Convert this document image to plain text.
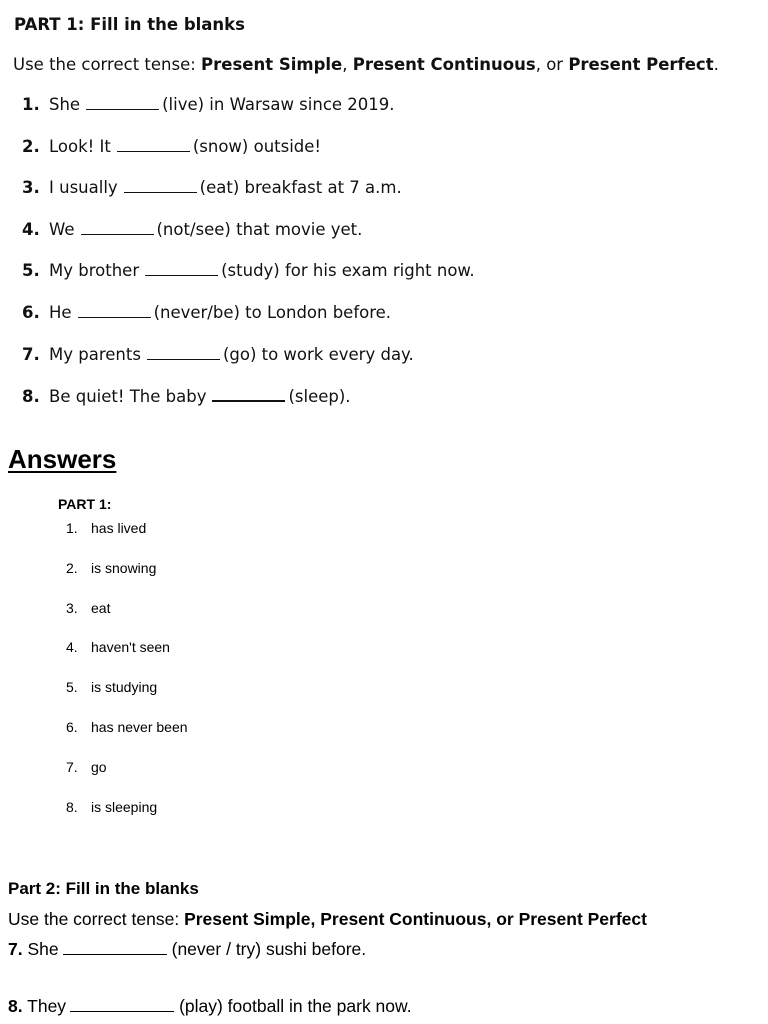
PART 1: Fill in the blanks
Use the correct tense: Present Simple, Present Continuous, or Present Perfect.
1. She	(live) in Warsaw since 2019.
2. Look! It	(snow) outside!
3. I usually	(eat) breakfast at 7 a.m.
4. We	(not/see) that movie yet.
5. My brother	(study) for his exam right now.
6. He	(never/be) to London before.
7. My parents	(go) to work every day.
8. Be quiet! The baby	(sleep).
Answers
PART 1:
1. has lived
2. is snowing
3. eat
4. haven't seen
5. is studying
6. has never been
7. go
8. is sleeping
Part 2: Fill in the blanks
Use the correct tense: Present Simple, Present Continuous, or Present Perfect
7. She	(never / try) sushi before.
8. They	(play) football in the park now.
